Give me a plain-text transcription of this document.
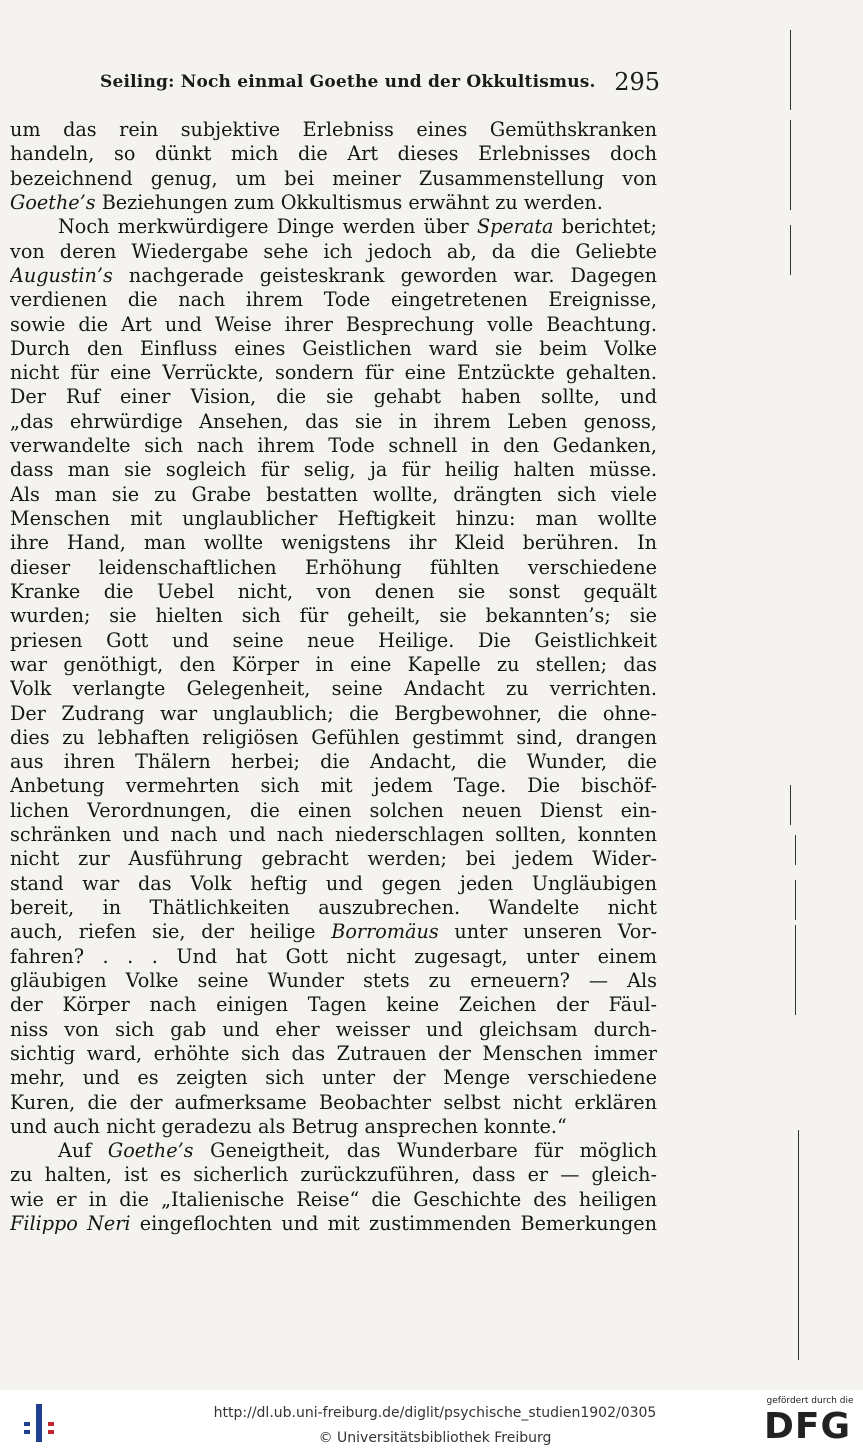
Seiling: Noch einmal Goethe und der Okkultismus. 295
um das rein subjektive Erlebniss eines Gemüthskranken
handeln, so dünkt mich die Art dieses Erlebnisses doch
bezeichnend genug, um bei meiner Zusammenstellung von
Goethe’s Beziehungen zum Okkultismus erwähnt zu werden.
Noch merkwürdigere Dinge werden über Sperata berichtet;
von deren Wiedergabe sehe ich jedoch ab, da die Geliebte
Augustin’s nachgerade geisteskrank geworden war. Dagegen
verdienen die nach ihrem Tode eingetretenen Ereignisse,
sowie die Art und Weise ihrer Besprechung volle Beachtung.
Durch den Einfluss eines Geistlichen ward sie beim Volke
nicht für eine Verrückte, sondern für eine Entzückte gehalten.
Der Ruf einer Vision, die sie gehabt haben sollte, und
„das ehrwürdige Ansehen, das sie in ihrem Leben genoss,
verwandelte sich nach ihrem Tode schnell in den Gedanken,
dass man sie sogleich für selig, ja für heilig halten müsse.
Als man sie zu Grabe bestatten wollte, drängten sich viele
Menschen mit unglaublicher Heftigkeit hinzu: man wollte
ihre Hand, man wollte wenigstens ihr Kleid berühren. In
dieser leidenschaftlichen Erhöhung fühlten verschiedene
Kranke die Uebel nicht, von denen sie sonst gequält
wurden; sie hielten sich für geheilt, sie bekannten’s; sie
priesen Gott und seine neue Heilige. Die Geistlichkeit
war genöthigt, den Körper in eine Kapelle zu stellen; das
Volk verlangte Gelegenheit, seine Andacht zu verrichten.
Der Zudrang war unglaublich; die Bergbewohner, die ohne-
dies zu lebhaften religiösen Gefühlen gestimmt sind, drangen
aus ihren Thälern herbei; die Andacht, die Wunder, die
Anbetung vermehrten sich mit jedem Tage. Die bischöf-
lichen Verordnungen, die einen solchen neuen Dienst ein-
schränken und nach und nach niederschlagen sollten, konnten
nicht zur Ausführung gebracht werden; bei jedem Wider-
stand war das Volk heftig und gegen jeden Ungläubigen
bereit, in Thätlichkeiten auszubrechen. Wandelte nicht
auch, riefen sie, der heilige Borromäus unter unseren Vor-
fahren? . . . Und hat Gott nicht zugesagt, unter einem
gläubigen Volke seine Wunder stets zu erneuern? — Als
der Körper nach einigen Tagen keine Zeichen der Fäul-
niss von sich gab und eher weisser und gleichsam durch-
sichtig ward, erhöhte sich das Zutrauen der Menschen immer
mehr, und es zeigten sich unter der Menge verschiedene
Kuren, die der aufmerksame Beobachter selbst nicht erklären
und auch nicht geradezu als Betrug ansprechen konnte.“
Auf Goethe’s Geneigtheit, das Wunderbare für möglich
zu halten, ist es sicherlich zurückzuführen, dass er — gleich-
wie er in die „Italienische Reise“ die Geschichte des heiligen
Filippo Neri eingeflochten und mit zustimmenden Bemerkungen
http://dl.ub.uni-freiburg.de/diglit/psychische_studien1902/0305
© Universitätsbibliothek Freiburg
gefördert durch die
DFG
